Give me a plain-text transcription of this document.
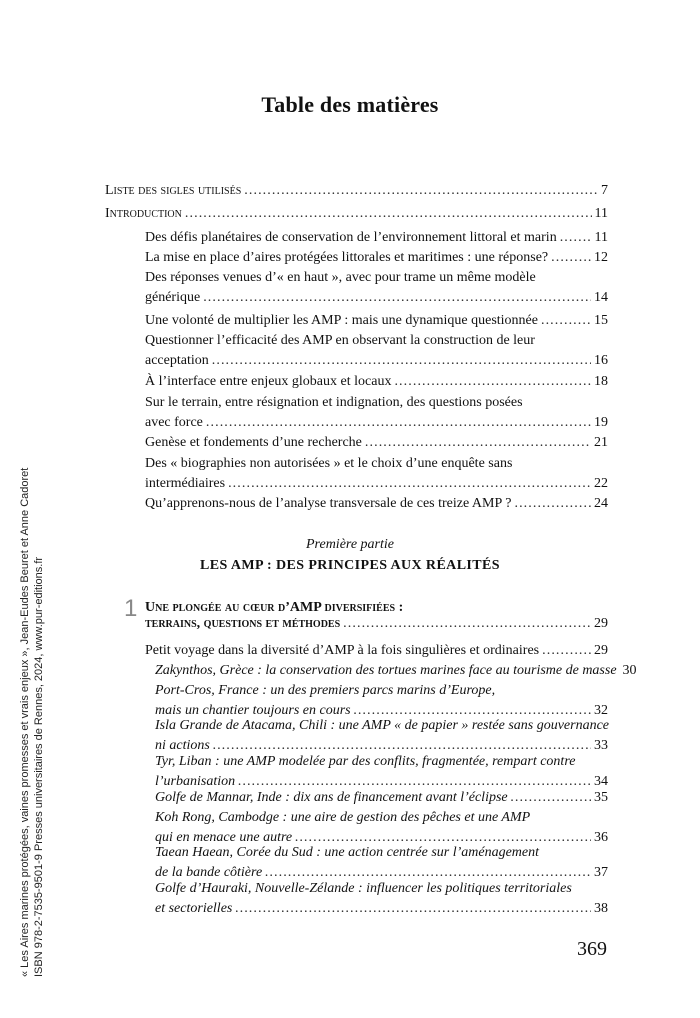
Table des matières
Liste des sigles utilisés . . .	7
Introduction . . .	11
Des défis planétaires de conservation de l’environnement littoral et marin . . .	11
La mise en place d’aires protégées littorales et maritimes : une réponse? . . .	12
Des réponses venues d’« en haut », avec pour trame un même modèle
générique . . .	14
Une volonté de multiplier les AMP : mais une dynamique questionnée . . .	15
Questionner l’efficacité des AMP en observant la construction de leur
acceptation . . .	16
À l’interface entre enjeux globaux et locaux . . .	18
Sur le terrain, entre résignation et indignation, des questions posées
avec force . . .	19
Genèse et fondements d’une recherche . . .	21
Des « biographies non autorisées » et le choix d’une enquête sans
intermédiaires . . .	22
Qu’apprenons-nous de l’analyse transversale de ces treize AMP ? . . .	24
Première partie
LES AMP : DES PRINCIPES AUX RÉALITÉS
1 Une plongée au cœur d’AMP diversifiées :
terrains, questions et méthodes . . .	29
Petit voyage dans la diversité d’AMP à la fois singulières et ordinaires . . .	29
Zakynthos, Grèce : la conservation des tortues marines face au tourisme de masse 30
Port-Cros, France : un des premiers parcs marins d’Europe,
mais un chantier toujours en cours . . .	32
Isla Grande de Atacama, Chili : une AMP « de papier » restée sans gouvernance
ni actions . . .	33
Tyr, Liban : une AMP modelée par des conflits, fragmentée, rempart contre
l’urbanisation . . .	34
Golfe de Mannar, Inde : dix ans de financement avant l’éclipse . . .	35
Koh Rong, Cambodge : une aire de gestion des pêches et une AMP
qui en menace une autre . . .	36
Taean Haean, Corée du Sud : une action centrée sur l’aménagement
de la bande côtière . . .	37
Golfe d’Hauraki, Nouvelle-Zélande : influencer les politiques territoriales
et sectorielles . . .	38
369
« Les Aires marines protégées, vaines promesses et vrais enjeux », Jean-Eudes Beuret et Anne Cadoret ISBN 978-2-7535-9501-9 Presses universitaires de Rennes, 2024, www.pur-editions.fr
